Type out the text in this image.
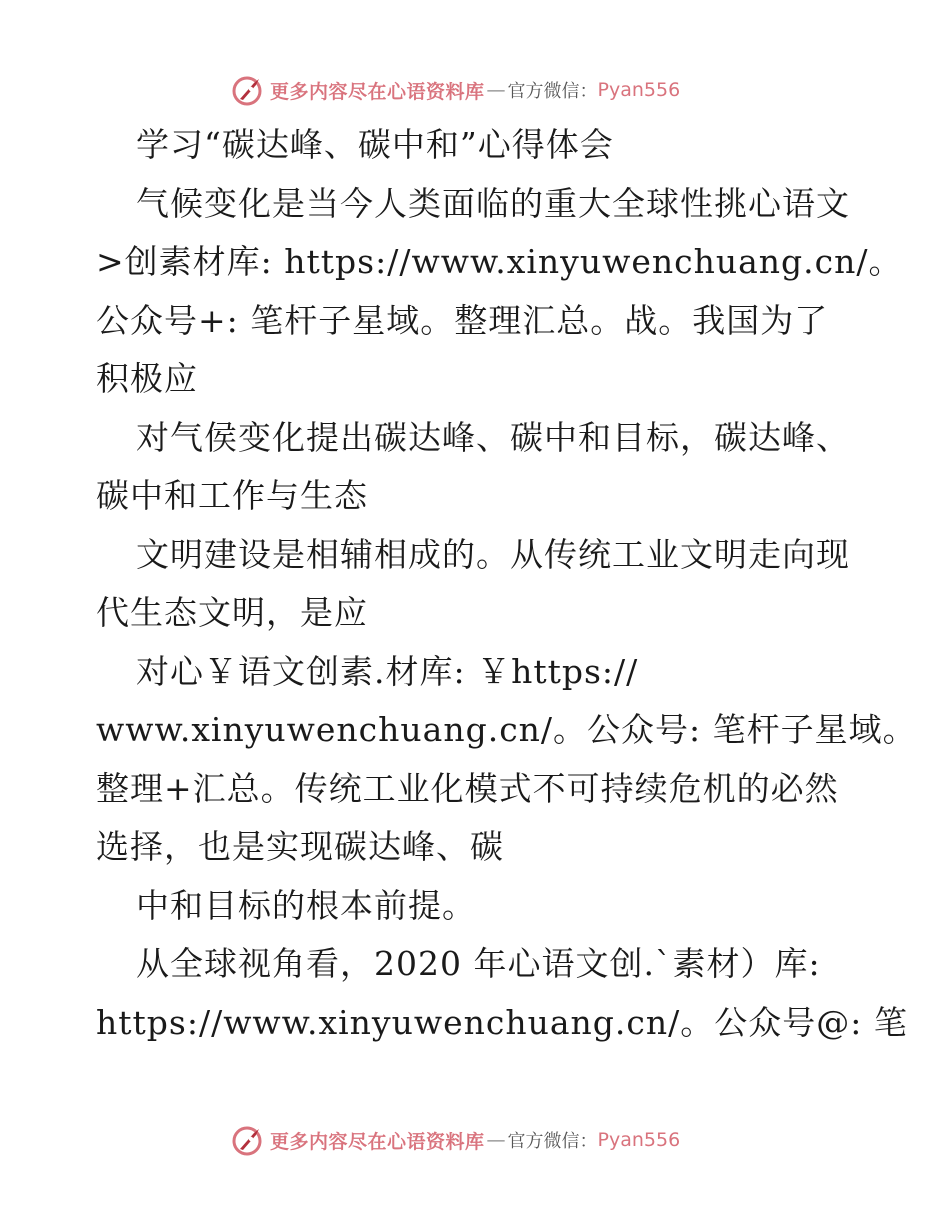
更多内容尽在心语资料库 — 官方微信： Pyan556

学习“碳达峰、碳中和”心得体会

气候变化是当今人类面临的重大全球性挑心语文

>创素材库: https://www.xinyuwenchuang.cn/。

公众号+: 笔杆子星域。整理汇总。战。我国为了

积极应

对气侯变化提出碳达峰、碳中和目标，碳达峰、

碳中和工作与生态

文明建设是相辅相成的。从传统工业文明走向现

代生态文明，是应

对心￥语文创素.材库: ￥https://

www.xinyuwenchuang.cn/。公众号: 笔杆子星域。

整理+汇总。传统工业化模式不可持续危机的必然

选择，也是实现碳达峰、碳

中和目标的根本前提。

从全球视角看，2020 年心语文创.`素材）库:

https://www.xinyuwenchuang.cn/。公众号@: 笔

更多内容尽在心语资料库 — 官方微信： Pyan556
